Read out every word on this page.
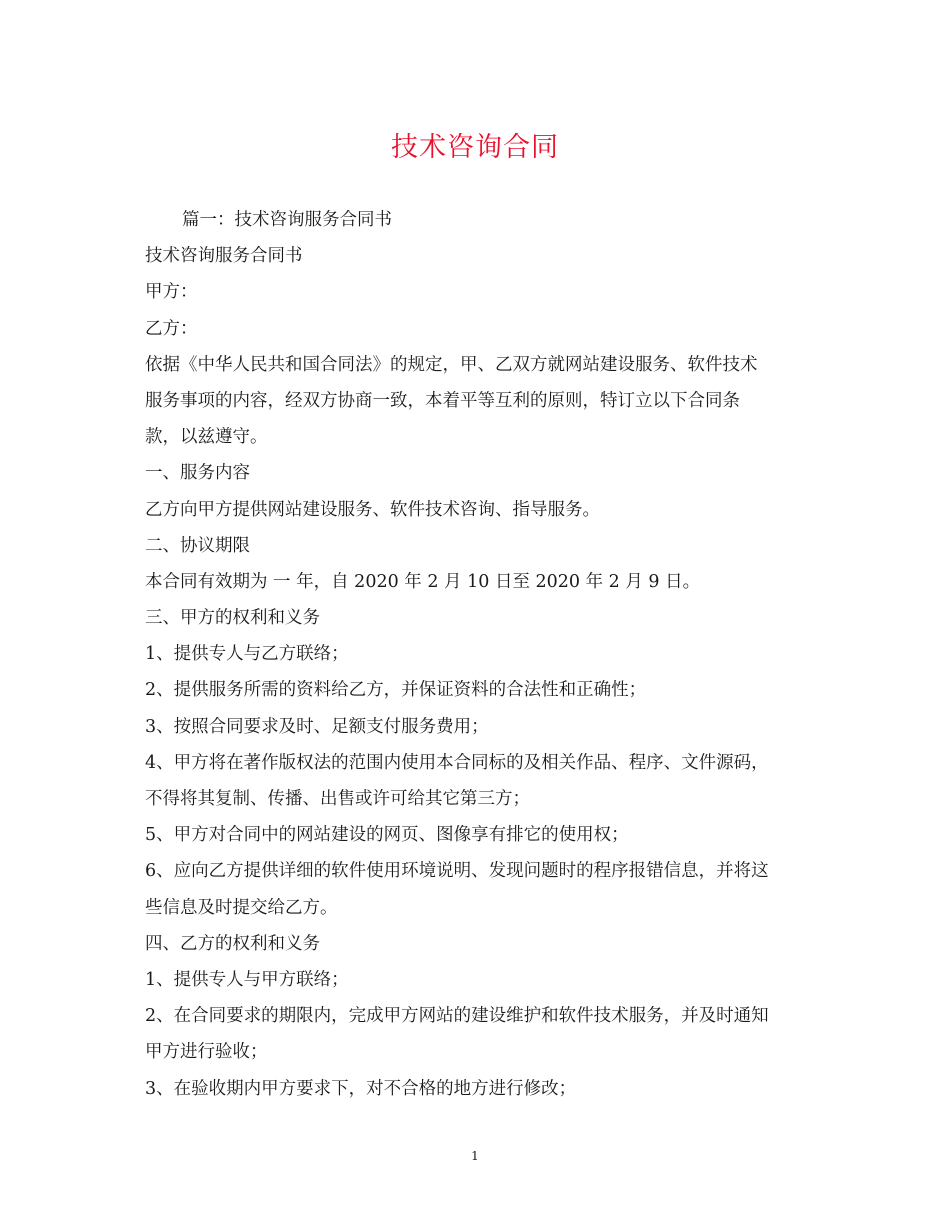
技术咨询合同
篇一：技术咨询服务合同书
技术咨询服务合同书
甲方：
乙方：
依据《中华人民共和国合同法》的规定，甲、乙双方就网站建设服务、软件技术
服务事项的内容，经双方协商一致，本着平等互利的原则，特订立以下合同条
款，以兹遵守。
一、服务内容
乙方向甲方提供网站建设服务、软件技术咨询、指导服务。
二、协议期限
本合同有效期为 一 年，自 2020 年 2 月 10 日至 2020 年 2 月 9 日。
三、甲方的权利和义务
1、提供专人与乙方联络；
2、提供服务所需的资料给乙方，并保证资料的合法性和正确性；
3、按照合同要求及时、足额支付服务费用；
4、甲方将在著作版权法的范围内使用本合同标的及相关作品、程序、文件源码，
不得将其复制、传播、出售或许可给其它第三方；
5、甲方对合同中的网站建设的网页、图像享有排它的使用权；
6、应向乙方提供详细的软件使用环境说明、发现问题时的程序报错信息，并将这
些信息及时提交给乙方。
四、乙方的权利和义务
1、提供专人与甲方联络；
2、在合同要求的期限内，完成甲方网站的建设维护和软件技术服务，并及时通知
甲方进行验收；
3、在验收期内甲方要求下，对不合格的地方进行修改；
1
